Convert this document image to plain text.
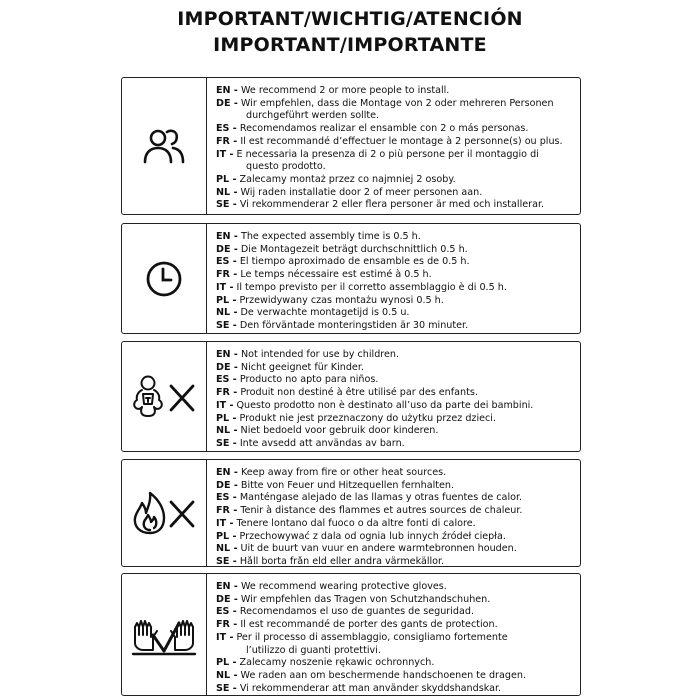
IMPORTANT/WICHTIG/ATENCIÓN
IMPORTANT/IMPORTANTE
EN - We recommend 2 or more people to install.
DE - Wir empfehlen, dass die Montage von 2 oder mehreren Personen
durchgeführt werden sollte.
ES - Recomendamos realizar el ensamble con 2 o más personas.
FR - Il est recommandé d’effectuer le montage à 2 personne(s) ou plus.
IT - È necessaria la presenza di 2 o più persone per il montaggio di
questo prodotto.
PL - Zalecamy montaż przez co najmniej 2 osoby.
NL - Wij raden installatie door 2 of meer personen aan.
SE - Vi rekommenderar 2 eller flera personer är med och installerar.
EN - The expected assembly time is 0.5 h.
DE - Die Montagezeit beträgt durchschnittlich 0.5 h.
ES - El tiempo aproximado de ensamble es de 0.5 h.
FR - Le temps nécessaire est estimé à 0.5 h.
IT - Il tempo previsto per il corretto assemblaggio è di 0.5 h.
PL - Przewidywany czas montażu wynosi 0.5 h.
NL - De verwachte montagetijd is 0.5 u.
SE - Den förväntade monteringstiden är 30 minuter.
EN - Not intended for use by children.
DE - Nicht geeignet für Kinder.
ES - Producto no apto para niños.
FR - Produit non destiné à être utilisé par des enfants.
IT - Questo prodotto non è destinato all’uso da parte dei bambini.
PL - Produkt nie jest przeznaczony do użytku przez dzieci.
NL - Niet bedoeld voor gebruik door kinderen.
SE - Inte avsedd att användas av barn.
EN - Keep away from fire or other heat sources.
DE - Bitte von Feuer und Hitzequellen fernhalten.
ES - Manténgase alejado de las llamas y otras fuentes de calor.
FR - Tenir à distance des flammes et autres sources de chaleur.
IT - Tenere lontano dal fuoco o da altre fonti di calore.
PL - Przechowywać z dala od ognia lub innych źródeł ciepła.
NL - Uit de buurt van vuur en andere warmtebronnen houden.
SE - Håll borta från eld eller andra värmekällor.
EN - We recommend wearing protective gloves.
DE - Wir empfehlen das Tragen von Schutzhandschuhen.
ES - Recomendamos el uso de guantes de seguridad.
FR - Il est recommandé de porter des gants de protection.
IT - Per il processo di assemblaggio, consigliamo fortemente
l’utilizzo di guanti protettivi.
PL - Zalecamy noszenie rękawic ochronnych.
NL - We raden aan om beschermende handschoenen te dragen.
SE - Vi rekommenderar att man använder skyddshandskar.
